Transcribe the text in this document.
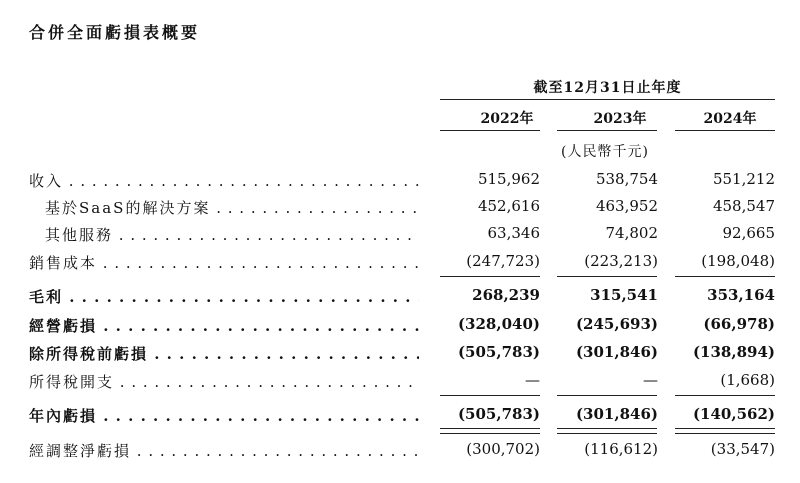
合併全面虧損表概要
截至12月31日止年度
2022年	2023年	2024年
(人民幣千元)
收入 . . .	515,962	538,754	551,212
基於SaaS的解決方案 . . .	452,616	463,952	458,547
其他服務 . . .	63,346	74,802	92,665
銷售成本 . . .	(247,723)	(223,213)	(198,048)
毛利 . . .	268,239	315,541	353,164
經營虧損 . . .	(328,040)	(245,693)	(66,978)
除所得稅前虧損 . . .	(505,783)	(301,846)	(138,894)
所得稅開支 . . .	—	—	(1,668)
年內虧損 . . .	(505,783)	(301,846)	(140,562)
經調整淨虧損 . . .	(300,702)	(116,612)	(33,547)
